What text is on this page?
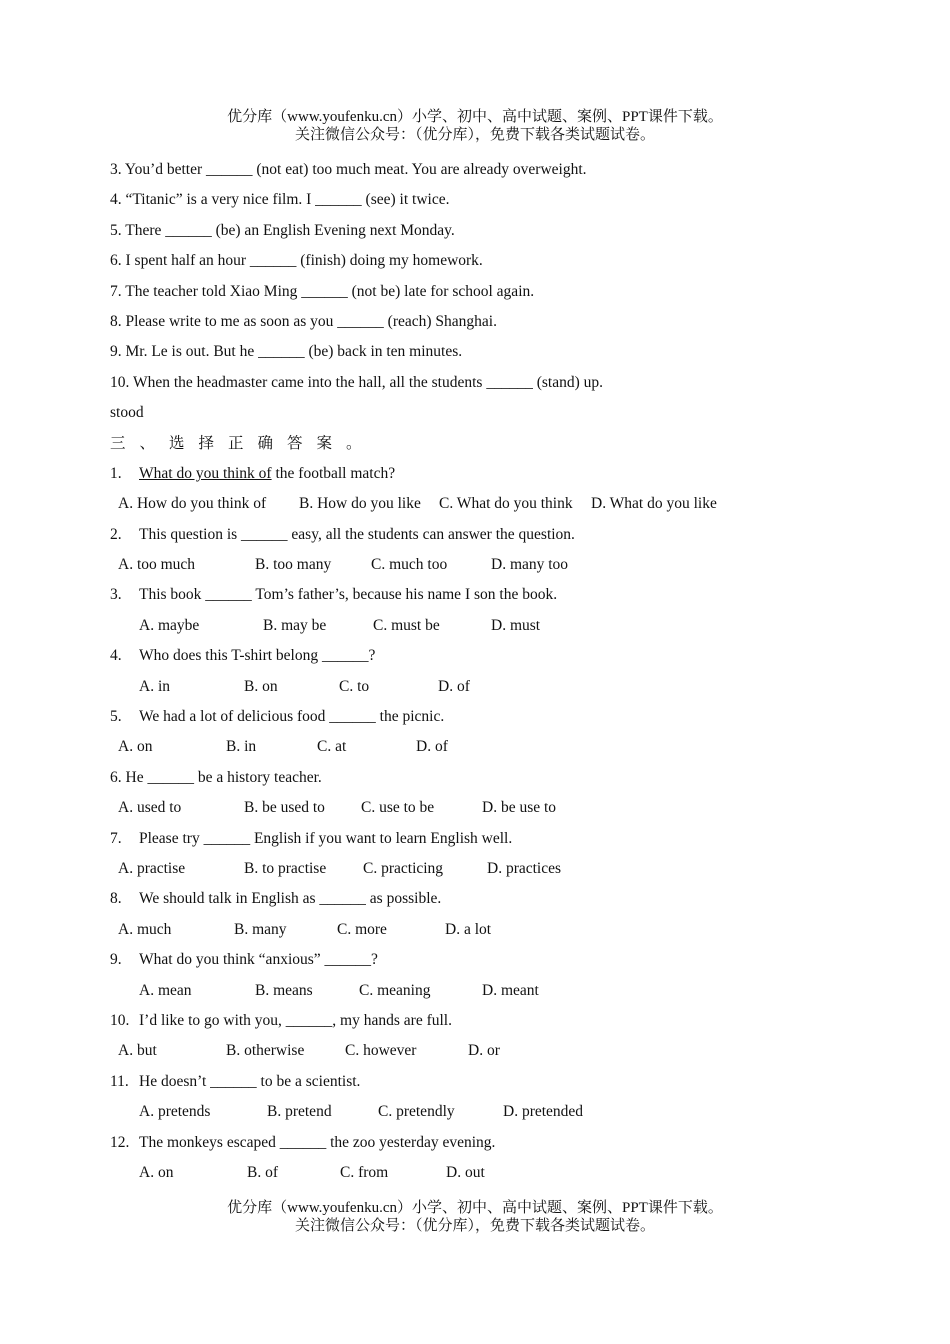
优分库（www.youfenku.cn）小学、初中、高中试题、案例、PPT课件下载。
关注微信公众号：（优分库），免费下载各类试题试卷。
3. You’d better ______ (not eat) too much meat. You are already overweight.
4. “Titanic” is a very nice film. I ______ (see) it twice.
5. There ______ (be) an English Evening next Monday.
6. I spent half an hour ______ (finish) doing my homework.
7. The teacher told Xiao Ming ______ (not be) late for school again.
8. Please write to me as soon as you ______ (reach) Shanghai.
9. Mr. Le is out. But he ______ (be) back in ten minutes.
10. When the headmaster came into the hall, all the students ______ (stand) up.
stood
三、选择正确答案。
1. What do you think of the football match?
A. How do you think of B. How do you like C. What do you think D. What do you like
2. This question is ______ easy, all the students can answer the question.
A. too much	B. too many	C. much too	D. many too
3. This book ______ Tom’s father’s, because his name I son the book.
A. maybe	B. may be	C. must be	D. must
4. Who does this T-shirt belong ______?
A. in	B. on	C. to	D. of
5. We had a lot of delicious food ______ the picnic.
A. on	B. in	C. at	D. of
6. He ______ be a history teacher.
A. used to	B. be used to C. use to be	D. be use to
7. Please try ______ English if you want to learn English well.
A. practise	B. to practise C. practicing	D. practices
8. We should talk in English as ______ as possible.
A. much	B. many	C. more	D. a lot
9. What do you think “anxious” ______?
A. mean	B. means	C. meaning	D. meant
10. I’d like to go with you, ______, my hands are full.
A. but	B. otherwise	C. however	D. or
11. He doesn’t ______ to be a scientist.
A. pretends	B. pretend	C. pretendly	D. pretended
12. The monkeys escaped ______ the zoo yesterday evening.
A. on	B. of	C. from	D. out
优分库（www.youfenku.cn）小学、初中、高中试题、案例、PPT课件下载。
关注微信公众号：（优分库），免费下载各类试题试卷。
